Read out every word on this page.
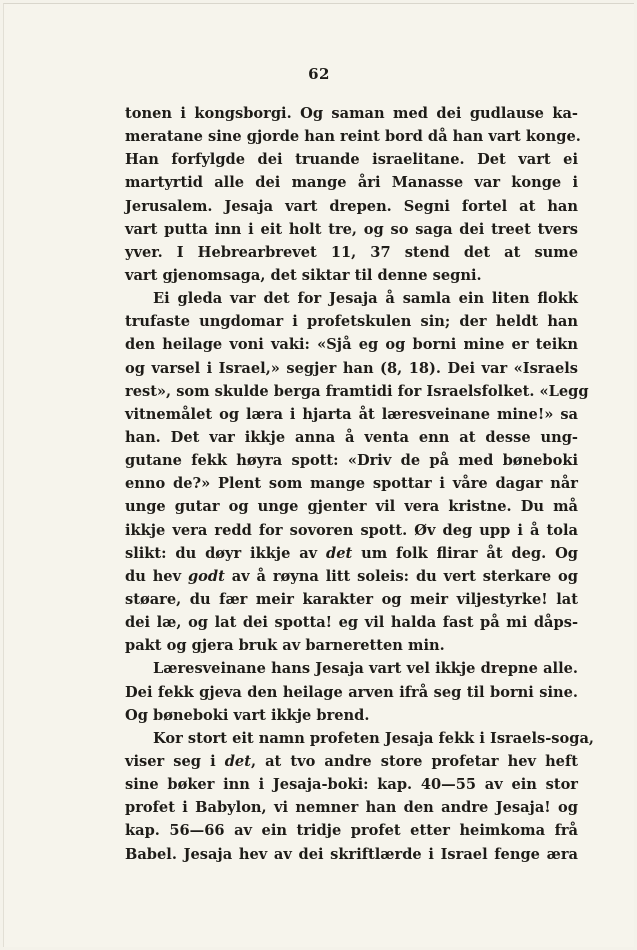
62
tonen i kongsborgi. Og saman med dei gudlause ka-
meratane sine gjorde han reint bord då han vart konge.
Han forfylgde dei truande israelitane. Det vart ei
martyrtid alle dei mange åri Manasse var konge i
Jerusalem. Jesaja vart drepen. Segni fortel at han
vart putta inn i eit holt tre, og so saga dei treet tvers
yver. I Hebrearbrevet 11, 37 stend det at sume
vart gjenomsaga, det siktar til denne segni.
Ei gleda var det for Jesaja å samla ein liten flokk
trufaste ungdomar i profetskulen sin; der heldt han
den heilage voni vaki: «Sjå eg og borni mine er teikn
og varsel i Israel,» segjer han (8, 18). Dei var «Israels
rest», som skulde berga framtidi for Israelsfolket. «Legg
vitnemålet og læra i hjarta åt læresveinane mine!» sa
han. Det var ikkje anna å venta enn at desse ung-
gutane fekk høyra spott: «Driv de på med bøneboki
enno de?» Plent som mange spottar i våre dagar når
unge gutar og unge gjenter vil vera kristne. Du må
ikkje vera redd for sovoren spott. Øv deg upp i å tola
slikt: du døyr ikkje av det um folk flirar åt deg. Og
du hev godt av å røyna litt soleis: du vert sterkare og
støare, du fær meir karakter og meir viljestyrke! lat
dei læ, og lat dei spotta! eg vil halda fast på mi dåps-
pakt og gjera bruk av barneretten min.
Læresveinane hans Jesaja vart vel ikkje drepne alle.
Dei fekk gjeva den heilage arven ifrå seg til borni sine.
Og bøneboki vart ikkje brend.
Kor stort eit namn profeten Jesaja fekk i Israels-soga,
viser seg i det, at tvo andre store profetar hev heft
sine bøker inn i Jesaja-boki: kap. 40—55 av ein stor
profet i Babylon, vi nemner han den andre Jesaja! og
kap. 56—66 av ein tridje profet etter heimkoma frå
Babel. Jesaja hev av dei skriftlærde i Israel fenge æra
